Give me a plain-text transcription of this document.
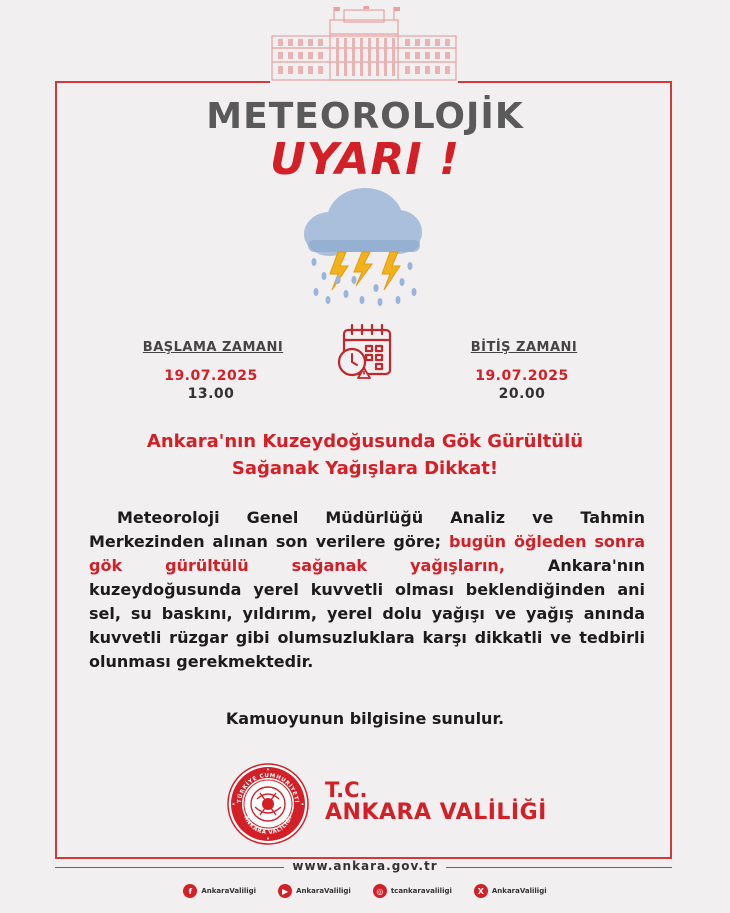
METEOROLOJİK
UYARI !
BAŞLAMA ZAMANI
19.07.2025
13.00
BİTİŞ ZAMANI
19.07.2025
20.00
Ankara'nın Kuzeydoğusunda Gök Gürültülü
Sağanak Yağışlara Dikkat!
Meteoroloji Genel Müdürlüğü Analiz ve Tahmin Merkezinden alınan son verilere göre; bugün öğleden sonra gök gürültülü sağanak yağışların, Ankara'nın kuzeydoğusunda yerel kuvvetli olması beklendiğinden ani sel, su baskını, yıldırım, yerel dolu yağışı ve yağış anında kuvvetli rüzgar gibi olumsuzluklara karşı dikkatli ve tedbirli olunması gerekmektedir.
Kamuoyunun bilgisine sunulur.
TÜRKİYE CUMHURİYETİ
ANKARA VALİLİĞİ
T.C.
ANKARA VALİLİĞİ
www.ankara.gov.tr
f	AnkaraValiligi	▶	AnkaraValiligi	◎	tcankaravaliligi	X	AnkaraValiligi
